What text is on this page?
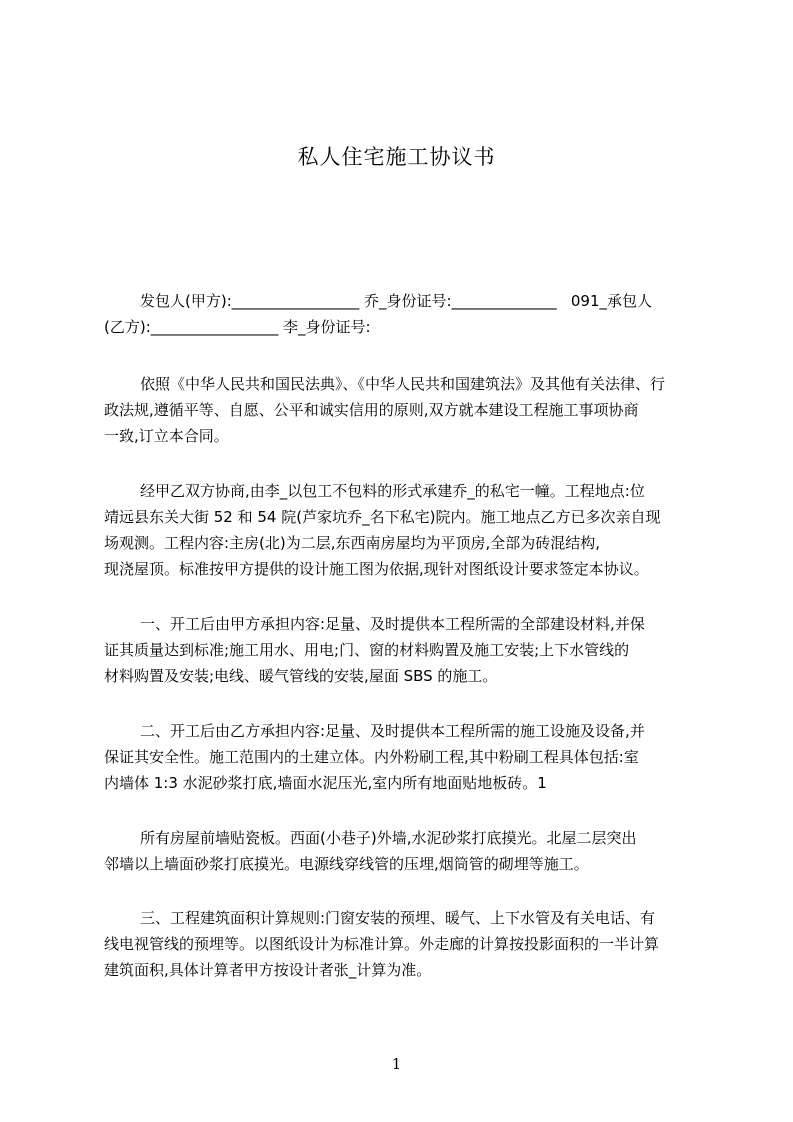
私人住宅施工协议书
发包人(甲方):_________________ 乔_身份证号:______________   091_承包人
(乙方):_________________ 李_身份证号:
依照《中华人民共和国民法典》、《中华人民共和国建筑法》及其他有关法律、行
政法规,遵循平等、自愿、公平和诚实信用的原则,双方就本建设工程施工事项协商
一致,订立本合同。
经甲乙双方协商,由李_以包工不包料的形式承建乔_的私宅一幢。工程地点:位
靖远县东关大街 52 和 54 院(芦家坑乔_名下私宅)院内。施工地点乙方已多次亲自现
场观测。工程内容:主房(北)为二层,东西南房屋均为平顶房,全部为砖混结构,
现浇屋顶。标准按甲方提供的设计施工图为依据,现针对图纸设计要求签定本协议。
一、开工后由甲方承担内容:足量、及时提供本工程所需的全部建设材料,并保
证其质量达到标准;施工用水、用电;门、窗的材料购置及施工安装;上下水管线的
材料购置及安装;电线、暖气管线的安装,屋面 SBS 的施工。
二、开工后由乙方承担内容:足量、及时提供本工程所需的施工设施及设备,并
保证其安全性。施工范围内的土建立体。内外粉刷工程,其中粉刷工程具体包括:室
内墙体 1:3 水泥砂浆打底,墙面水泥压光,室内所有地面贴地板砖。1
所有房屋前墙贴瓷板。西面(小巷子)外墙,水泥砂浆打底摸光。北屋二层突出
邻墙以上墙面砂浆打底摸光。电源线穿线管的压埋,烟筒管的砌埋等施工。
三、工程建筑面积计算规则:门窗安装的预埋、暖气、上下水管及有关电话、有
线电视管线的预埋等。以图纸设计为标准计算。外走廊的计算按投影面积的一半计算
建筑面积,具体计算者甲方按设计者张_计算为准。
1
